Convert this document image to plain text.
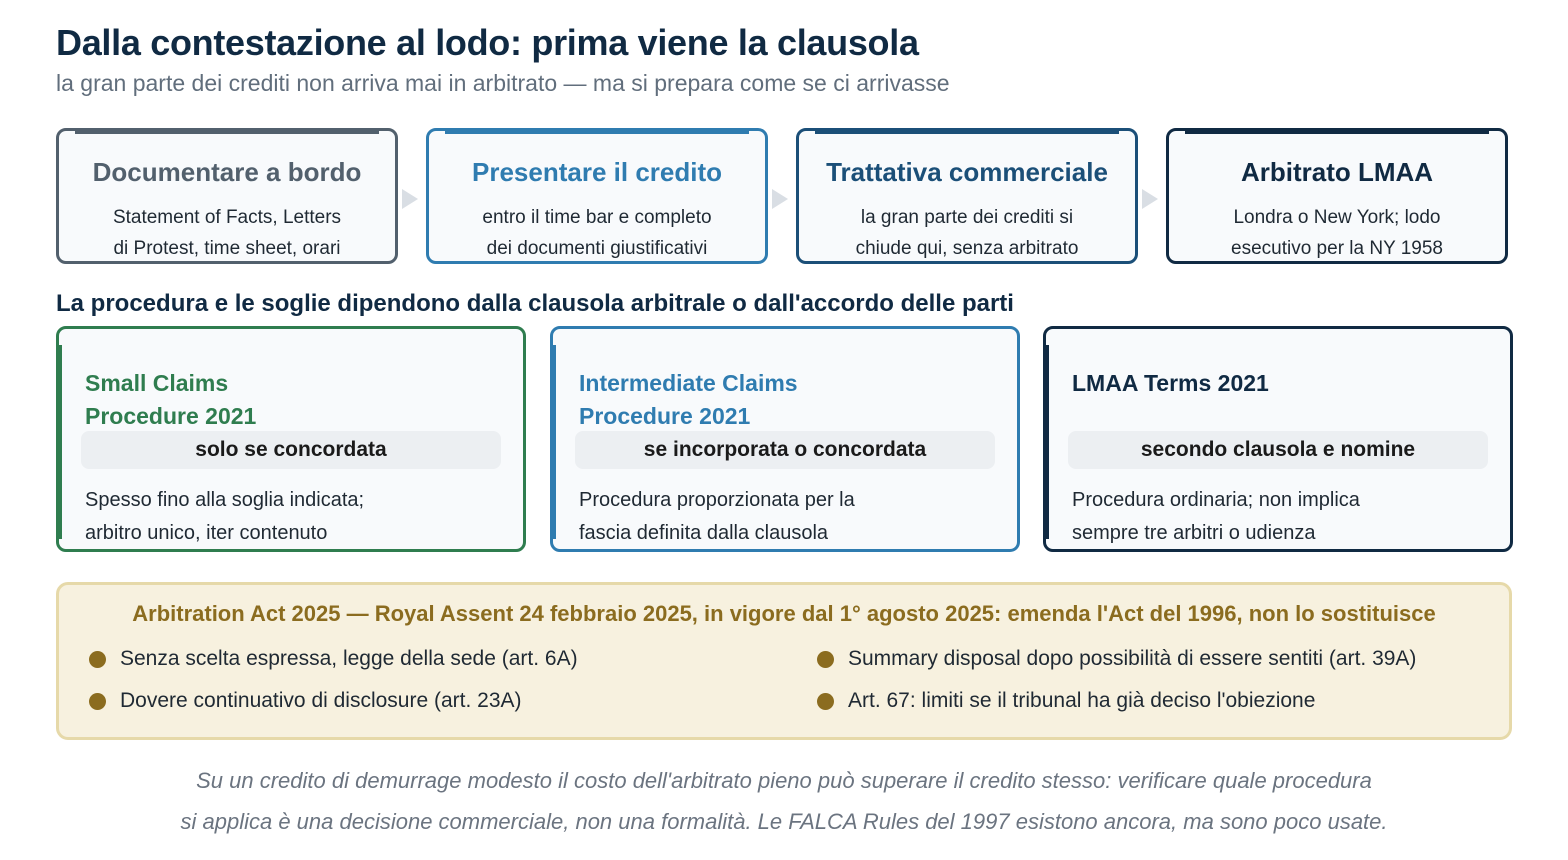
Dalla contestazione al lodo: prima viene la clausola
la gran parte dei crediti non arriva mai in arbitrato — ma si prepara come se ci arrivasse
Documentare a bordo
Statement of Facts, Letters
di Protest, time sheet, orari
Presentare il credito
entro il time bar e completo
dei documenti giustificativi
Trattativa commerciale
la gran parte dei crediti si
chiude qui, senza arbitrato
Arbitrato LMAA
Londra o New York; lodo
esecutivo per la NY 1958
La procedura e le soglie dipendono dalla clausola arbitrale o dall'accordo delle parti
Small Claims
Procedure 2021
solo se concordata
Spesso fino alla soglia indicata;
arbitro unico, iter contenuto
Intermediate Claims
Procedure 2021
se incorporata o concordata
Procedura proporzionata per la
fascia definita dalla clausola
LMAA Terms 2021
secondo clausola e nomine
Procedura ordinaria; non implica
sempre tre arbitri o udienza
Arbitration Act 2025 — Royal Assent 24 febbraio 2025, in vigore dal 1° agosto 2025: emenda l'Act del 1996, non lo sostituisce
Senza scelta espressa, legge della sede (art. 6A)	Summary disposal dopo possibilità di essere sentiti (art. 39A)
Dovere continuativo di disclosure (art. 23A)	Art. 67: limiti se il tribunal ha già deciso l'obiezione
Su un credito di demurrage modesto il costo dell'arbitrato pieno può superare il credito stesso: verificare quale procedura
si applica è una decisione commerciale, non una formalità. Le FALCA Rules del 1997 esistono ancora, ma sono poco usate.
